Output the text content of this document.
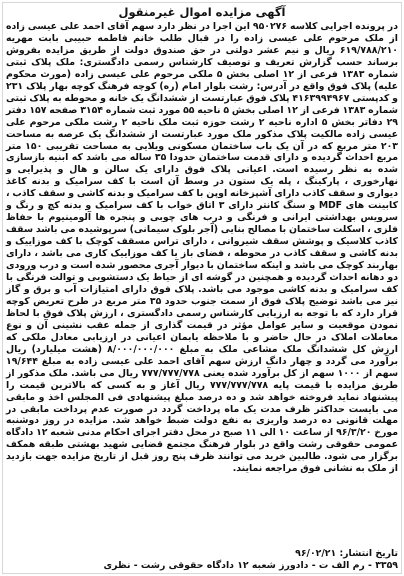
آگهی مزایده اموال غیرمنقول

در پرونده اجرایی کلاسه ۹۵۰۲۷۶ این اجرا در نظر دارد سهم آقای احمد علی عیسی زاده از ملک مرحوم علی عیسی زاده را در قبال طلب خانم فاطمه حبیبی بابت مهریه ۶۱۹/۷۸۸/۲۱۰ ریال و نیم عشر دولتی در حق صندوق دولت از طریق مزایده بفروش برساند حسب گزارش تعریف و توصیف کارشناس رسمی دادگستری: ملک پلاک ثبتی شماره ۱۳۸۳ فرعی از ۱۲ اصلی بخش ۵ ملکی مرحوم علی عیسی زاده (مورث محکوم علیه) پلاک فوق واقع در آدرس: رشت بلوار امام (ره) کوچه فرهنگ کوچه بهار پلاک ۲۳۱ و کدپستی ۴۱۶۳۹۹۴۹۶۷ پلاک فوق عبارتست از ششدانگ یک خانه و محوطه به پلاک ثبتی شماره ۱۳۸۳ فرعی از ۱۲ اصلی بخش ۵ ناحیه ۵۵ مورد ثبت شماره ۳۱۵۴ صفحه ۱۵۷ دفتر ۲۹ دفاتر بخش ۵ اداره ناحیه ۲ رشت حوزه ثبت ملک ناحیه ۲ رشت ملکی مرحوم علی عیسی زاده مالکیت پلاک مذکور ملک مورد عبارتست از ششدانگ یک عرصه به مساحت ۲۰۳ متر مربع که در آن یک باب ساختمان مسکونی ویلایی به مساحت تقریبی ۱۵۰ متر مربع احداث گردیده و دارای قدمت ساختمان حدودا ۳۵ ساله می باشد که ابنیه بازسازی شده به نظر رسیده است. اعیانی پلاک فوق دارای یک سالن و هال و پذیرایی و نهارخوری ، پارکینگ ، پله یک ستون در وسط آن است با کف سرامیک و بدنه کاغذ دیواری و سقف کاذب دارای آشپزخانه اوپن با کف سرامیک و بدنه کاشی و سقف کاذب ، کابینت های MDF و سنگ کانتر دارای ۳ اتاق خواب با کف سرامیک و بدنه کچ و رنگ و سرویس بهداشتی ایرانی و فرنگی و درب های چوبی و پنجره ها آلومینیوم با حفاظ فلزی ، اسکلت ساختمان با مصالح بنایی (آجر بلوک سیمانی) سرپوشیده می باشد سقف کاذب کلاسیک و پوشش سقف شیروانی ، دارای تراس مسقف کوچک با کف موزاییک و بدنه کاشی و سقف کاذب در محوطه ، فضای باز با کف موزاییک کاری می باشد ، دارای بهاربند کوچک می باشد و اینکه ساختمان با دیوار آجری محصور شده است و درب ورودی دو دهانه احداث گردیده و همچنین در گوشه ای از حیاط یک دستشویی و توالت فرنگی با کف سرامیک و بدنه کاشی موجود می باشد. پلاک فوق دارای امتیازات آب و برق و گاز نیز می باشد توضیح پلاک فوق از سمت جنوب حدود ۳۵ متر مربع در طرح تعریض کوچه قرار دارد که با توجه به ارزیابی کارشناس رسمی دادگستری ، ارزش پلاک فوق با لحاظ نمودن موقعیت و سایر عوامل مؤثر در قیمت گذاری از جمله عقب نشینی آن و نوع معاملات املاک در حال حاضر و با ملاحظه یابمان اعیانی در ارزیابی معادل ملکی که ارزش کل ششدانگ ملک مشاعی ملک به مبلغ ۸/۰۰۰/۰۰۰/۰۰۰ (هشت میلیارد) ریال برآورد می گردد و چهار دانگ ارزش سهم آقای احمد علی عیسی زاده به مبلغ ۱۹/۶۴۴ سهم از ۱۰۰۰ سهم از کل برآورد شده یعنی ۷۷۷/۷۷۷/۷۷۸ ریال می باشد. ملک مذکور از طریق مزایده با قیمت پایه ۷۷۷/۷۷۷/۷۷۸ ریال آغاز و به کسی که بالاترین قیمت را پیشنهاد نماید فروخته خواهد شد و ده درصد مبلغ پیشنهادی فی المجلس اخذ و مابقی می بایست حداکثر ظرف مدت یک ماه پرداخت گردد در صورت عدم پرداخت مابقی در مهلت قانونی ده درصد واریزی به نفع دولت ضبط خواهد شد. مزایده در روز دوشنبه مورخ ۹۶/۳/۲۰ از ساعت ۱۰ الی ۱۱ صبح در محل دفتر اجرای احکام مدنی شعبه ۱۲ دادگاه عمومی حقوقی رشت واقع در بلوار فرهنگ مجتمع قضایی شهید بهشتی طبقه همکف برگزار می شود. طالبین خرید می توانند ظرف پنج روز قبل از تاریخ مزایده جهت بازدید از ملک به نشانی فوق مراجعه نمایند.

تاریخ انتشار: ۹۶/۰۲/۲۱
۳۳۵۹ - رم الف ت - دادورز شعبه ۱۲ دادگاه حقوقی رشت - نظری
